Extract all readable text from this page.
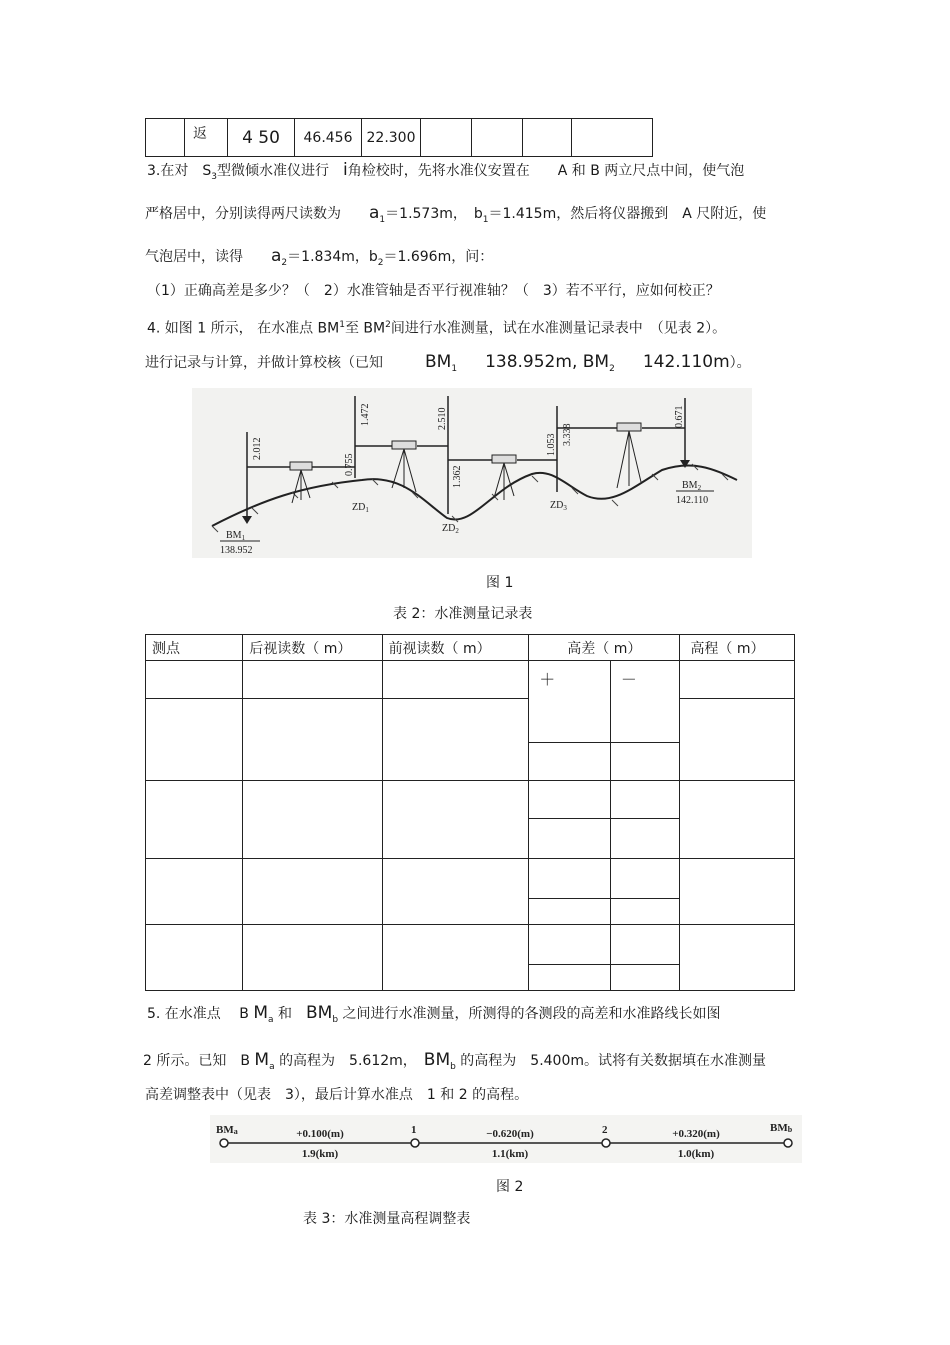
	返	4 50	46.456	22.300				
3.在对　 $S_3$型微倾水准仪进行　 i角检校时，先将水准仪安置在　　 A 和 B 两立尺点中间，使气泡
严格居中，分别读得两尺读数为　　 $a_1=1.573m$，　 $b_1=1.415m$，然后将仪器搬到　 A 尺附近，使
气泡居中，读得　　 $a_2=1.834m$，$b_2=1.696m$，问：
（1）正确高差是多少？（　2）水准管轴是否平行视准轴？（　3）若不平行，应如何校正？
4. 如图 1 所示， 在水准点 $BM^1$至 $BM^2$间进行水准测量，试在水准测量记录表中　（见表 2）。
进行记录与计算，并做计算校核（已知　　　 $BM_1$　　 138.952m, $BM_2$　　 142.110m）。
2.012
0.755
1.472	2.510
1.362
1.053 3.338
0.671
$BM_1$
138.952
$ZD_1$
$ZD_2$
$ZD_3$
$BM_2$
142.110
图 1
表 2：水准测量记录表
测点	后视读数（ m）	前视读数（ m）	高差（ m）		高程（ m）
			＋	－	

5. 在水准点　 B $M_a$ 和　 $BM_b$ 之间进行水准测量，所测得的各测段的高差和水准路线长如图
2 所示。已知　 B $M_a$ 的高程为　5.612m，　 $BM_b$ 的高程为　5.400m。试将有关数据填在水准测量
高差调整表中（见表　3），最后计算水准点　1 和 2 的高程。
BMa	1	2	BMb
+0.100(m)
1.9(km)
−0.620(m)
1.1(km)
+0.320(m)
1.0(km)
图 2
表 3：水准测量高程调整表
